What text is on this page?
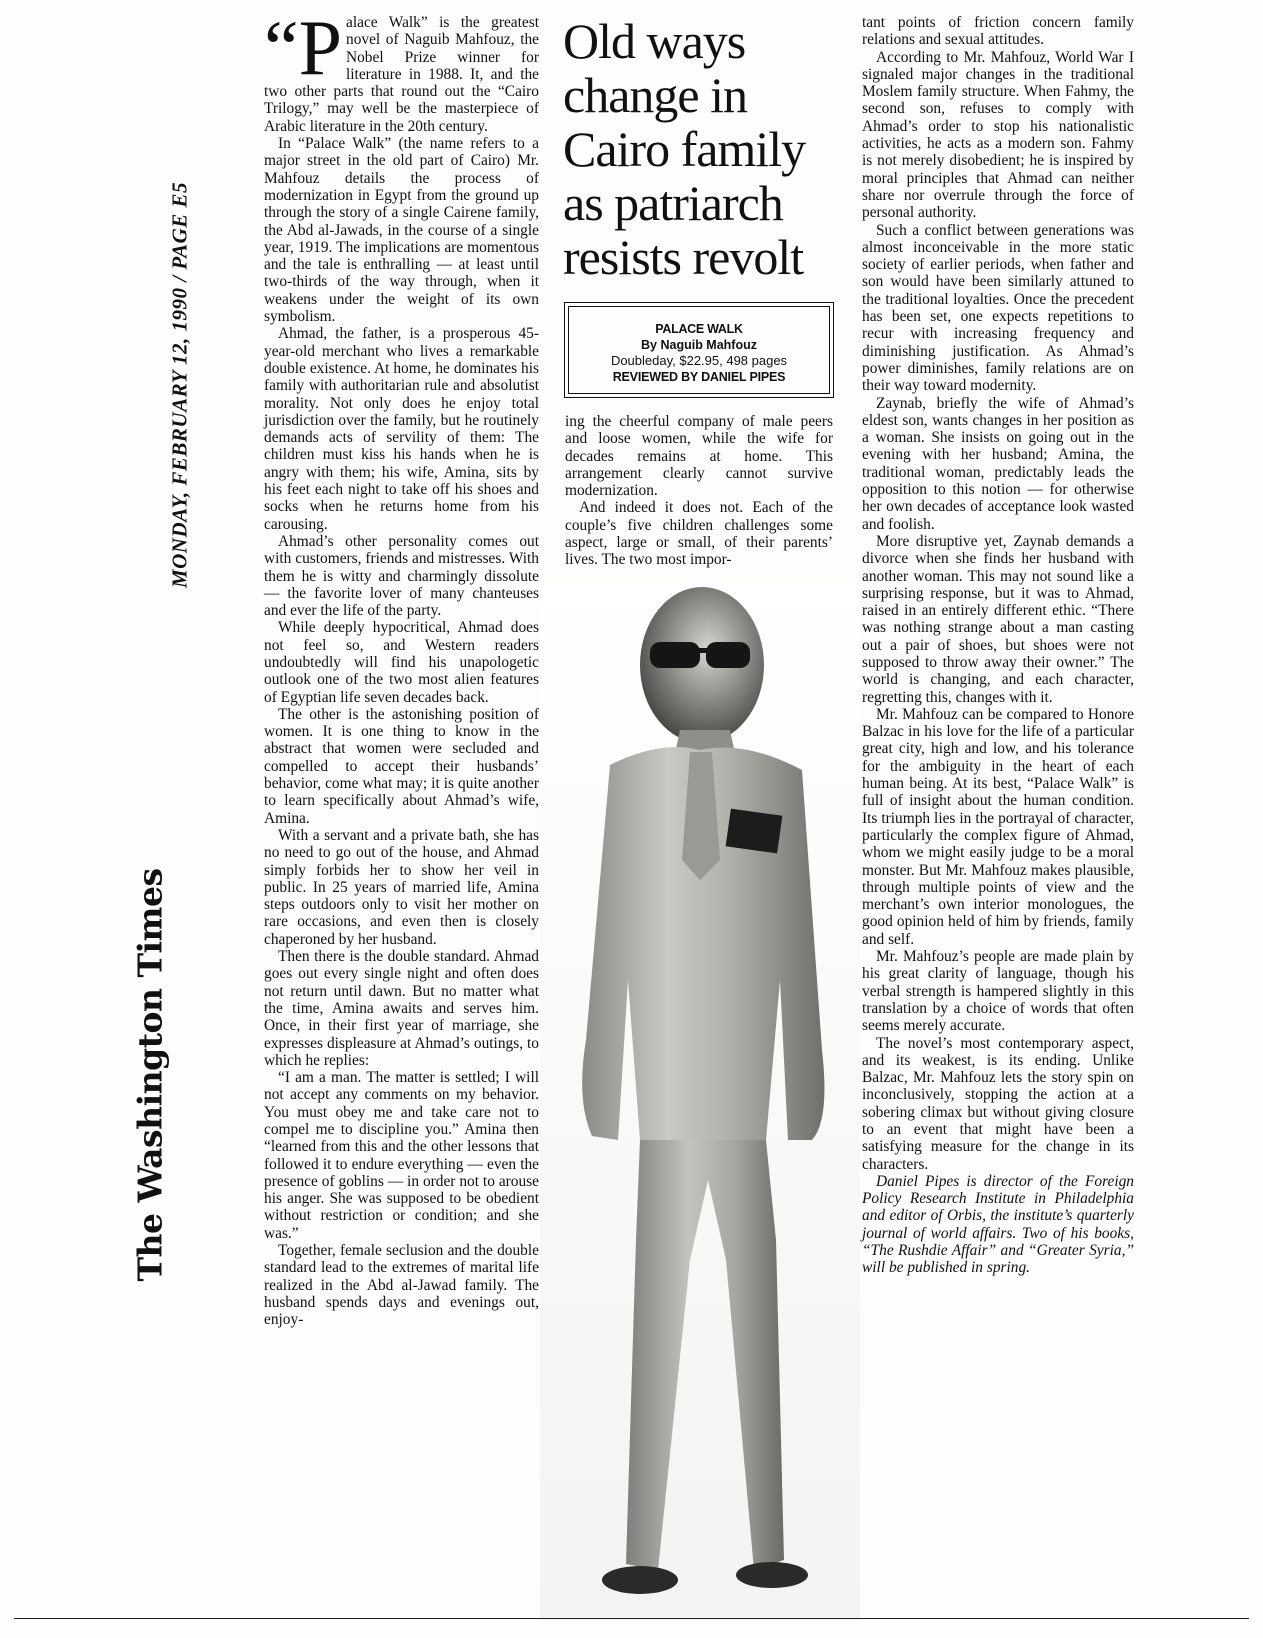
MONDAY, FEBRUARY 12, 1990 / PAGE E5
The Washington Times

“Palace Walk” is the greatest novel of Naguib Mahfouz, the Nobel Prize winner for literature in 1988. It, and the two other parts that round out the “Cairo Trilogy,” may well be the masterpiece of Arabic literature in the 20th century.

In “Palace Walk” (the name refers to a major street in the old part of Cairo) Mr. Mahfouz details the process of modernization in Egypt from the ground up through the story of a single Cairene family, the Abd al-Jawads, in the course of a single year, 1919. The implications are momentous and the tale is enthralling — at least until two-thirds of the way through, when it weakens under the weight of its own symbolism.

Ahmad, the father, is a prosperous 45-year-old merchant who lives a remarkable double existence. At home, he dominates his family with authoritarian rule and absolutist morality. Not only does he enjoy total jurisdiction over the family, but he routinely demands acts of servility of them: The children must kiss his hands when he is angry with them; his wife, Amina, sits by his feet each night to take off his shoes and socks when he returns home from his carousing.

Ahmad’s other personality comes out with customers, friends and mistresses. With them he is witty and charmingly dissolute — the favorite lover of many chanteuses and ever the life of the party.

While deeply hypocritical, Ahmad does not feel so, and Western readers undoubtedly will find his unapologetic outlook one of the two most alien features of Egyptian life seven decades back.

The other is the astonishing position of women. It is one thing to know in the abstract that women were secluded and compelled to accept their husbands’ behavior, come what may; it is quite another to learn specifically about Ahmad’s wife, Amina.

With a servant and a private bath, she has no need to go out of the house, and Ahmad simply forbids her to show her veil in public. In 25 years of married life, Amina steps outdoors only to visit her mother on rare occasions, and even then is closely chaperoned by her husband.

Then there is the double standard. Ahmad goes out every single night and often does not return until dawn. But no matter what the time, Amina awaits and serves him. Once, in their first year of marriage, she expresses displeasure at Ahmad’s outings, to which he replies:

“I am a man. The matter is settled; I will not accept any comments on my behavior. You must obey me and take care not to compel me to discipline you.” Amina then “learned from this and the other lessons that followed it to endure everything — even the presence of goblins — in order not to arouse his anger. She was supposed to be obedient without restriction or condition; and she was.”

Together, female seclusion and the double standard lead to the extremes of marital life realized in the Abd al-Jawad family. The husband spends days and evenings out, enjoy-

Old ways change in Cairo family as patriarch resists revolt
PALACE WALK
By Naguib Mahfouz
Doubleday, $22.95, 498 pages
REVIEWED BY DANIEL PIPES

ing the cheerful company of male peers and loose women, while the wife for decades remains at home. This arrangement clearly cannot survive modernization.

And indeed it does not. Each of the couple’s five children challenges some aspect, large or small, of their parents’ lives. The two most impor-

tant points of friction concern family relations and sexual attitudes.

According to Mr. Mahfouz, World War I signaled major changes in the traditional Moslem family structure. When Fahmy, the second son, refuses to comply with Ahmad’s order to stop his nationalistic activities, he acts as a modern son. Fahmy is not merely disobedient; he is inspired by moral principles that Ahmad can neither share nor overrule through the force of personal authority.

Such a conflict between generations was almost inconceivable in the more static society of earlier periods, when father and son would have been similarly attuned to the traditional loyalties. Once the precedent has been set, one expects repetitions to recur with increasing frequency and diminishing justification. As Ahmad’s power diminishes, family relations are on their way toward modernity.

Zaynab, briefly the wife of Ahmad’s eldest son, wants changes in her position as a woman. She insists on going out in the evening with her husband; Amina, the traditional woman, predictably leads the opposition to this notion — for otherwise her own decades of acceptance look wasted and foolish.

More disruptive yet, Zaynab demands a divorce when she finds her husband with another woman. This may not sound like a surprising response, but it was to Ahmad, raised in an entirely different ethic. “There was nothing strange about a man casting out a pair of shoes, but shoes were not supposed to throw away their owner.” The world is changing, and each character, regretting this, changes with it.

Mr. Mahfouz can be compared to Honore Balzac in his love for the life of a particular great city, high and low, and his tolerance for the ambiguity in the heart of each human being. At its best, “Palace Walk” is full of insight about the human condition. Its triumph lies in the portrayal of character, particularly the complex figure of Ahmad, whom we might easily judge to be a moral monster. But Mr. Mahfouz makes plausible, through multiple points of view and the merchant’s own interior monologues, the good opinion held of him by friends, family and self.

Mr. Mahfouz’s people are made plain by his great clarity of language, though his verbal strength is hampered slightly in this translation by a choice of words that often seems merely accurate.

The novel’s most contemporary aspect, and its weakest, is its ending. Unlike Balzac, Mr. Mahfouz lets the story spin on inconclusively, stopping the action at a sobering climax but without giving closure to an event that might have been a satisfying measure for the change in its characters.

Daniel Pipes is director of the Foreign Policy Research Institute in Philadelphia and editor of Orbis, the institute’s quarterly journal of world affairs. Two of his books, “The Rushdie Affair” and “Greater Syria,” will be published in spring.
